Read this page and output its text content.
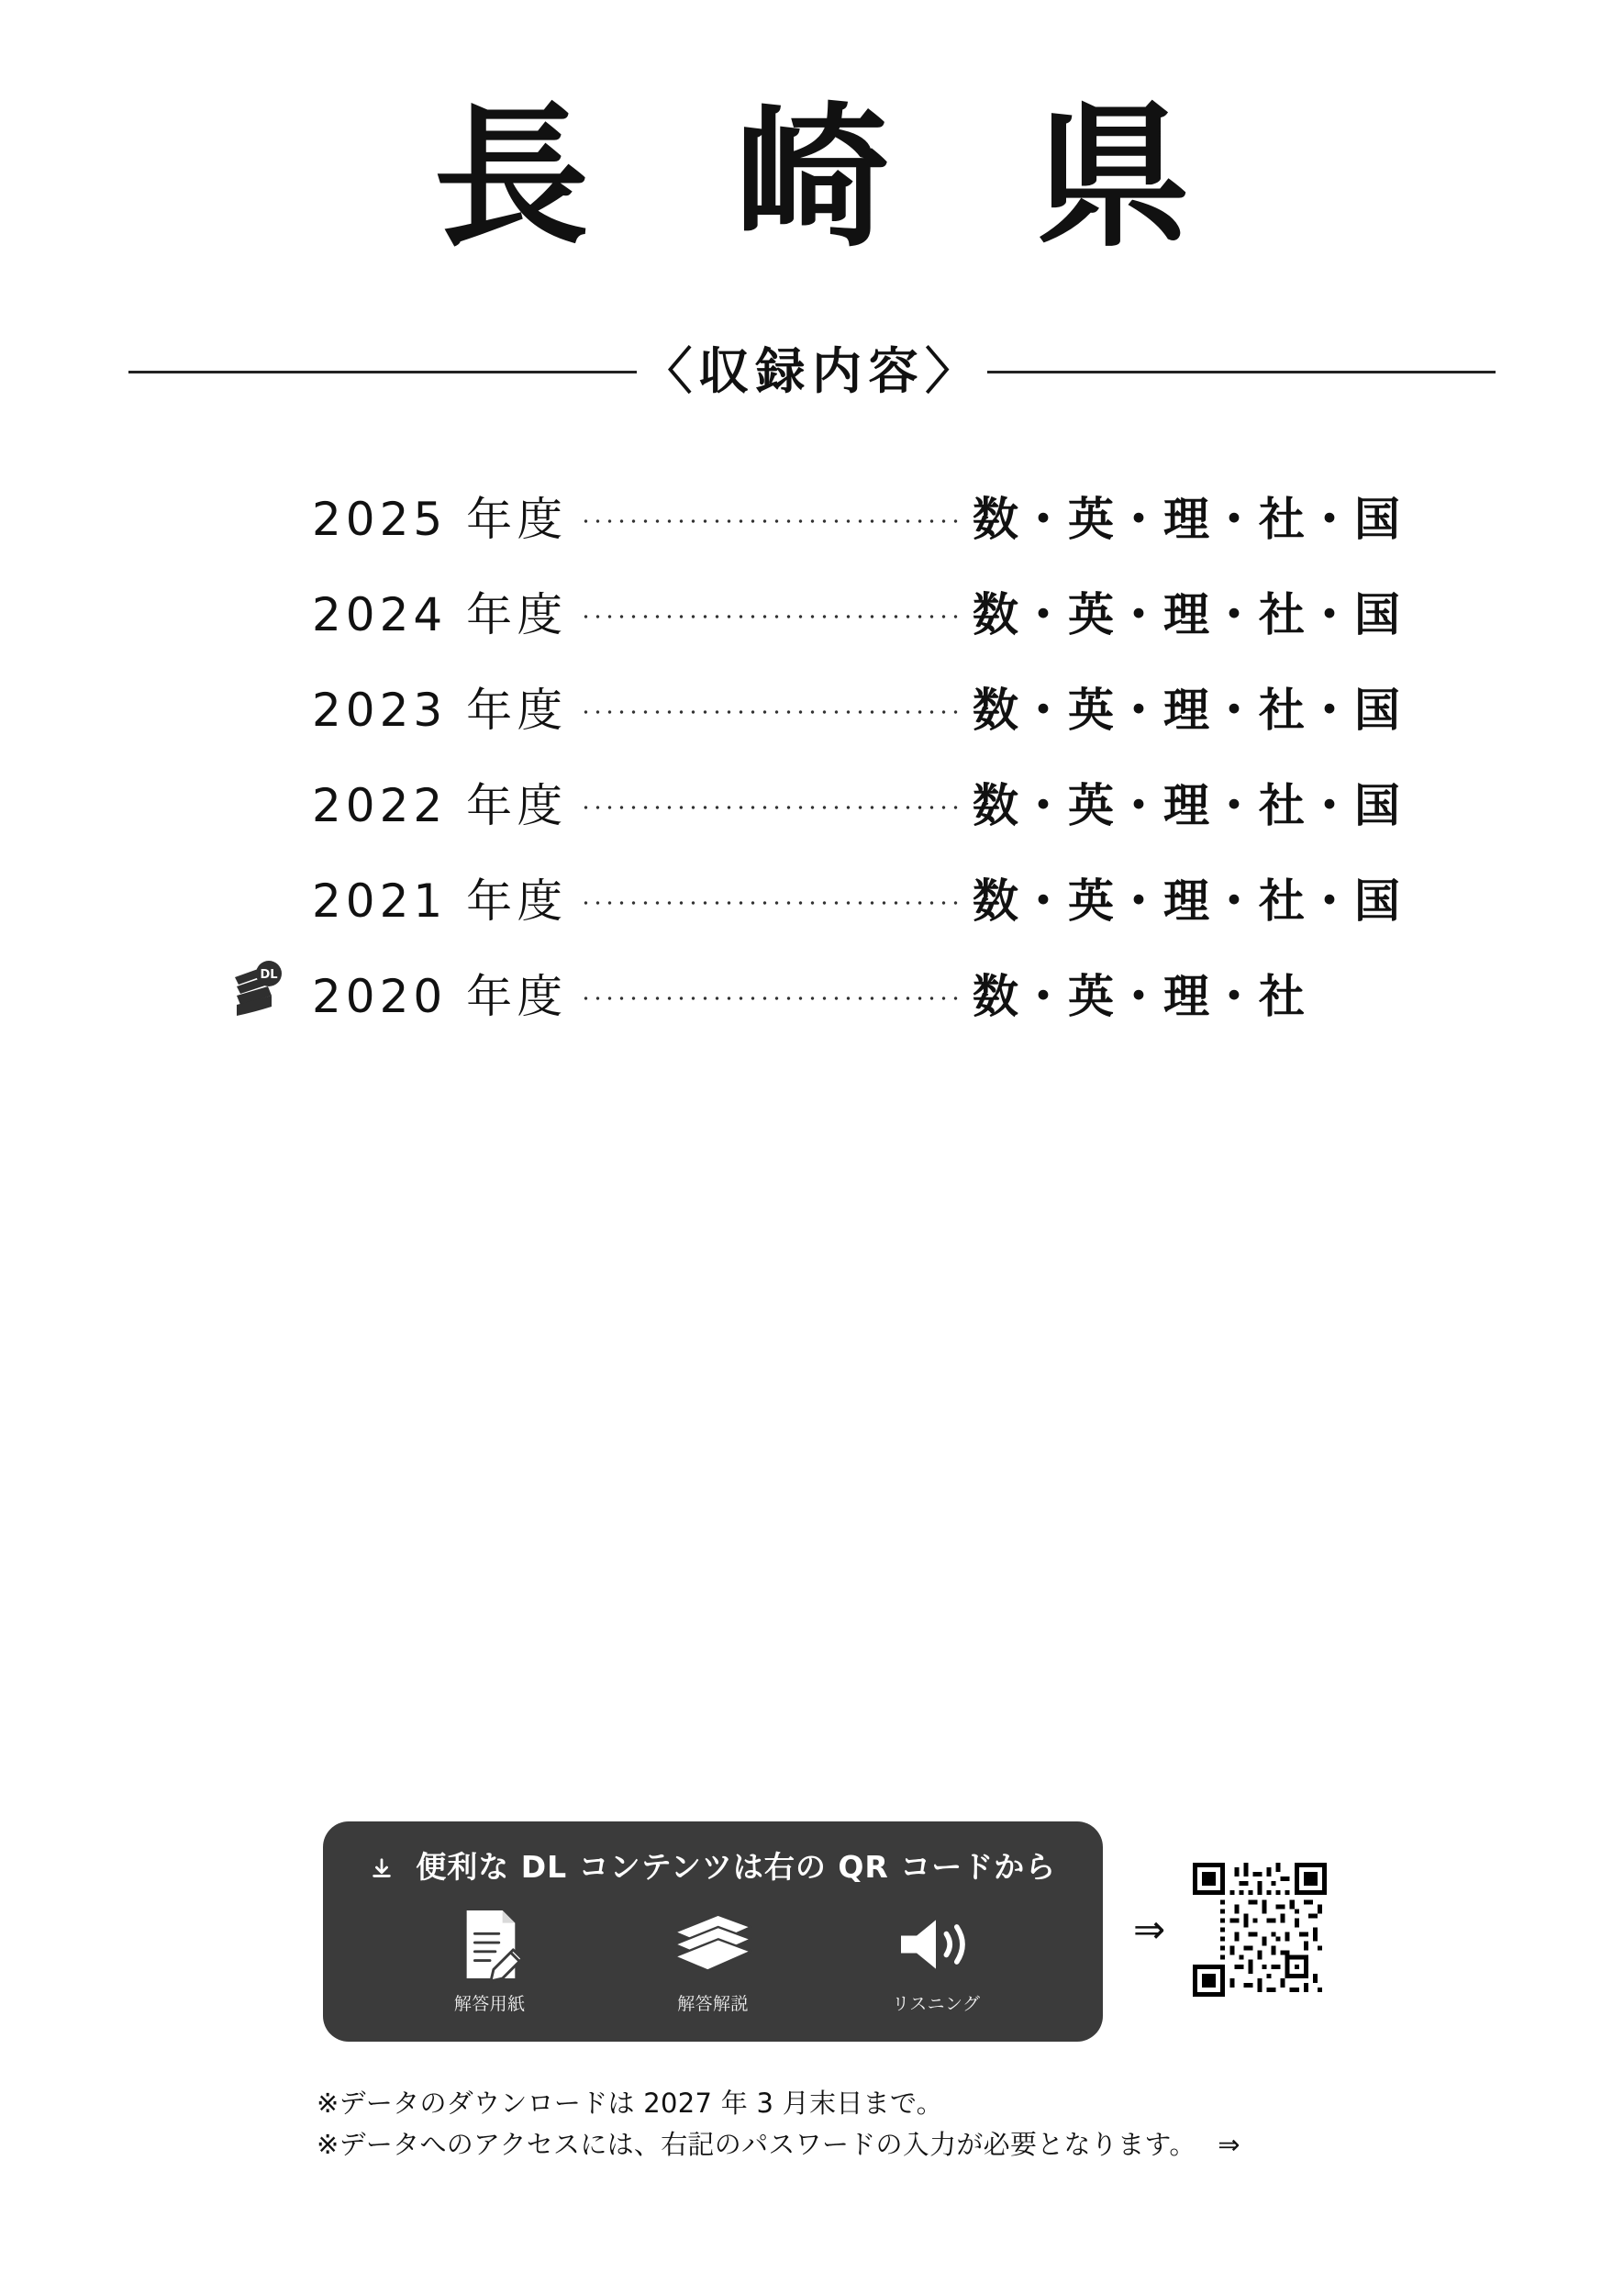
長 崎 県
〈収録内容〉
2025 年度	数・英・理・社・国
2024 年度	数・英・理・社・国
2023 年度	数・英・理・社・国
2022 年度	数・英・理・社・国
2021 年度	数・英・理・社・国
DL 2020 年度	数・英・理・社
便利な DL コンテンツは右の QR コードから
解答用紙	解答解説	リスニング
⇒
※データのダウンロードは 2027 年 3 月末日まで。
※データへのアクセスには、右記のパスワードの入力が必要となります。 ⇒
